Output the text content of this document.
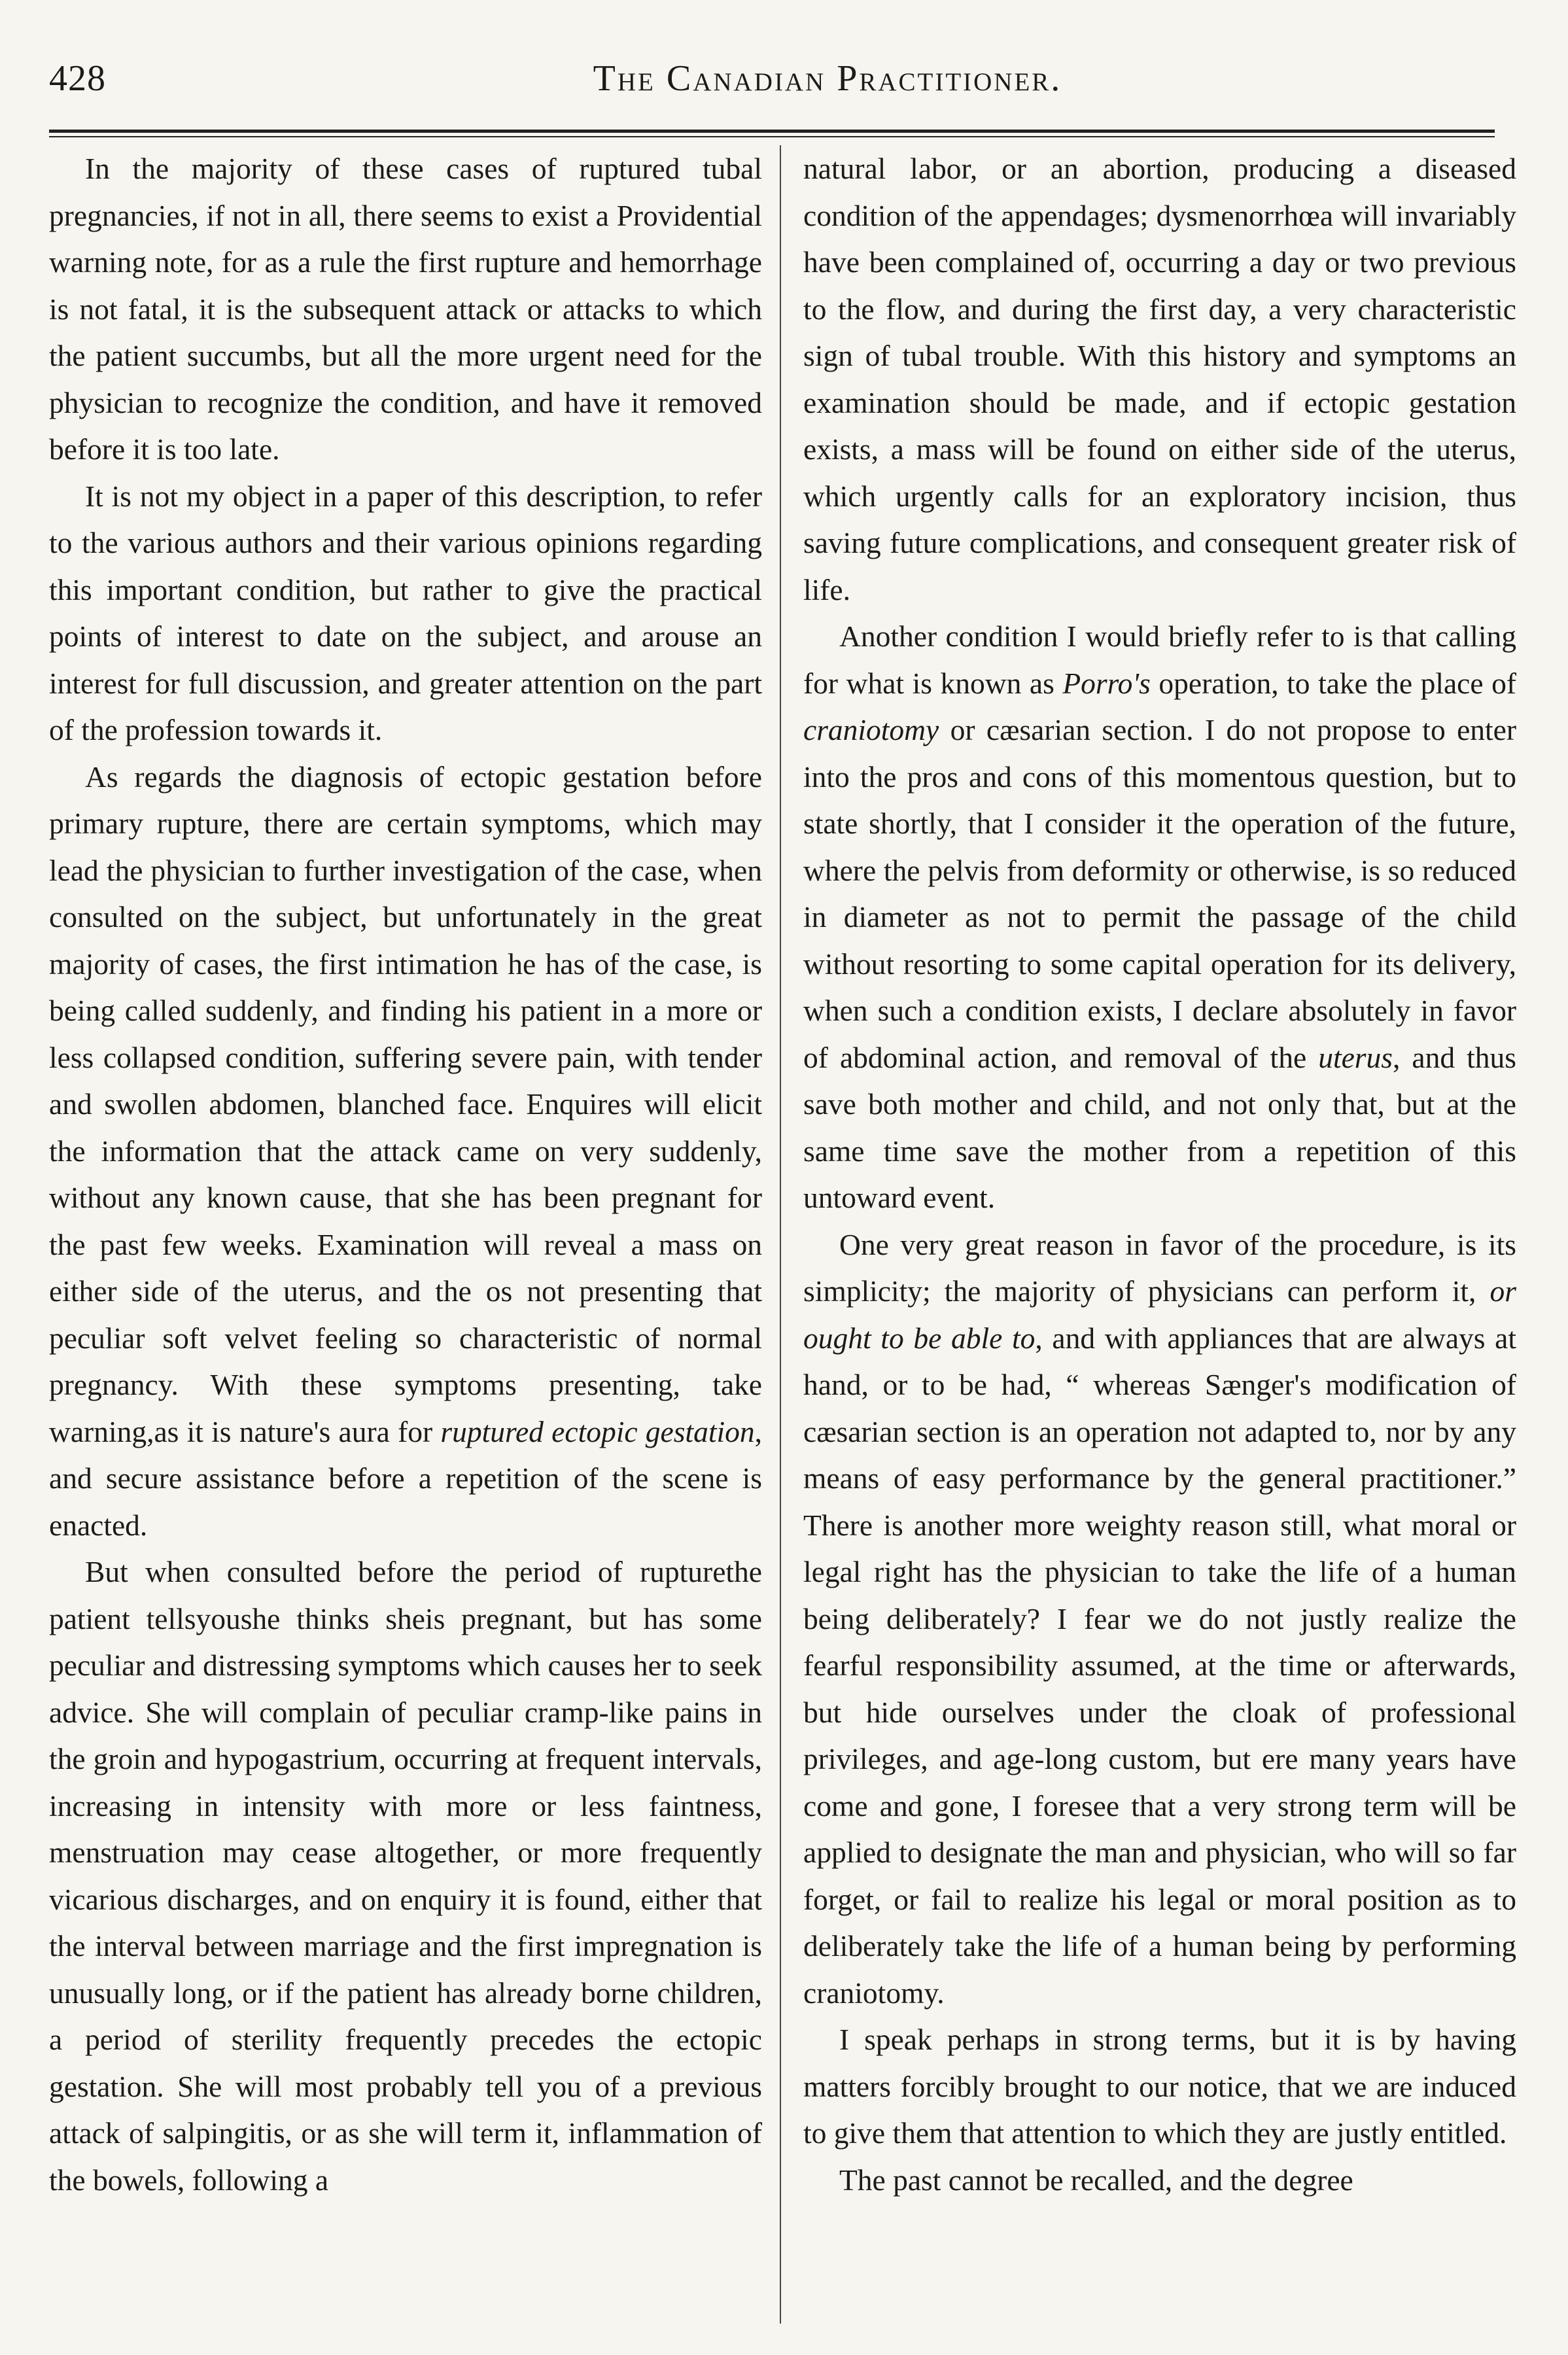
428	The Canadian Practitioner.

In the majority of these cases of ruptured tubal pregnancies, if not in all, there seems to exist a Providential warning note, for as a rule the first rupture and hemorrhage is not fatal, it is the subsequent attack or attacks to which the patient succumbs, but all the more urgent need for the physician to recognize the condition, and have it removed before it is too late.

It is not my object in a paper of this description, to refer to the various authors and their various opinions regarding this important condition, but rather to give the practical points of interest to date on the subject, and arouse an interest for full discussion, and greater attention on the part of the profession towards it.

As regards the diagnosis of ectopic gestation before primary rupture, there are certain symptoms, which may lead the physician to further investigation of the case, when consulted on the subject, but unfortunately in the great majority of cases, the first intimation he has of the case, is being called suddenly, and finding his patient in a more or less collapsed condition, suffering severe pain, with tender and swollen abdomen, blanched face. Enquires will elicit the information that the attack came on very suddenly, without any known cause, that she has been pregnant for the past few weeks. Examination will reveal a mass on either side of the uterus, and the os not presenting that peculiar soft velvet feeling so characteristic of normal pregnancy. With these symptoms presenting, take warning,as it is nature's aura for ruptured ectopic gestation, and secure assistance before a repetition of the scene is enacted.

But when consulted before the period of rupturethe patient tellsyoushe thinks sheis pregnant, but has some peculiar and distressing symptoms which causes her to seek advice. She will complain of peculiar cramp-like pains in the groin and hypogastrium, occurring at frequent intervals, increasing in intensity with more or less faintness, menstruation may cease altogether, or more frequently vicarious discharges, and on enquiry it is found, either that the interval between marriage and the first impregnation is unusually long, or if the patient has already borne children, a period of sterility frequently precedes the ectopic gestation. She will most probably tell you of a previous attack of salpingitis, or as she will term it, inflammation of the bowels, following a

natural labor, or an abortion, producing a diseased condition of the appendages; dysmenorrhœa will invariably have been complained of, occurring a day or two previous to the flow, and during the first day, a very characteristic sign of tubal trouble. With this history and symptoms an examination should be made, and if ectopic gestation exists, a mass will be found on either side of the uterus, which urgently calls for an exploratory incision, thus saving future complications, and consequent greater risk of life.

Another condition I would briefly refer to is that calling for what is known as Porro's operation, to take the place of craniotomy or cæsarian section. I do not propose to enter into the pros and cons of this momentous question, but to state shortly, that I consider it the operation of the future, where the pelvis from deformity or otherwise, is so reduced in diameter as not to permit the passage of the child without resorting to some capital operation for its delivery, when such a condition exists, I declare absolutely in favor of abdominal action, and removal of the uterus, and thus save both mother and child, and not only that, but at the same time save the mother from a repetition of this untoward event.

One very great reason in favor of the procedure, is its simplicity; the majority of physicians can perform it, or ought to be able to, and with appliances that are always at hand, or to be had, “ whereas Sænger's modification of cæsarian section is an operation not adapted to, nor by any means of easy performance by the general practitioner.” There is another more weighty reason still, what moral or legal right has the physician to take the life of a human being deliberately? I fear we do not justly realize the fearful responsibility assumed, at the time or afterwards, but hide ourselves under the cloak of professional privileges, and age-long custom, but ere many years have come and gone, I foresee that a very strong term will be applied to designate the man and physician, who will so far forget, or fail to realize his legal or moral position as to deliberately take the life of a human being by performing craniotomy.

I speak perhaps in strong terms, but it is by having matters forcibly brought to our notice, that we are induced to give them that attention to which they are justly entitled.

The past cannot be recalled, and the degree
